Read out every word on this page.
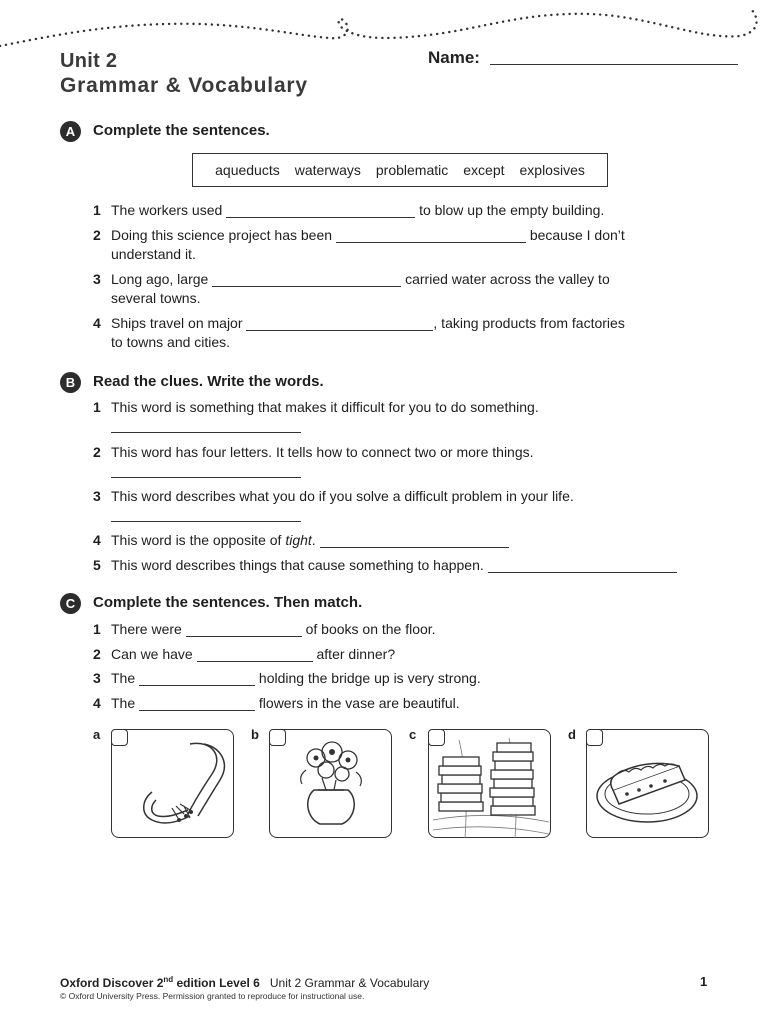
Unit 2
Grammar & Vocabulary
Name:
A	Complete the sentences.
aqueducts waterways problematic except explosives
1 The workers used	to blow up the empty building.
2 Doing this science project has been	because I don’t
understand it.
3 Long ago, large	carried water across the valley to
several towns.
4 Ships travel on major	, taking products from factories
to towns and cities.
B	Read the clues. Write the words.
1 This word is something that makes it difficult for you to do something.
2 This word has four letters. It tells how to connect two or more things.
3 This word describes what you do if you solve a difficult problem in your life.
4 This word is the opposite of tight.
5 This word describes things that cause something to happen.
C	Complete the sentences. Then match.
1 There were	of books on the floor.
2 Can we have	after dinner?
3 The	holding the bridge up is very strong.
4 The	flowers in the vase are beautiful.
a	b	c	d
Oxford Discover 2nd edition Level 6 Unit 2 Grammar & Vocabulary
© Oxford University Press. Permission granted to reproduce for instructional use.
1
